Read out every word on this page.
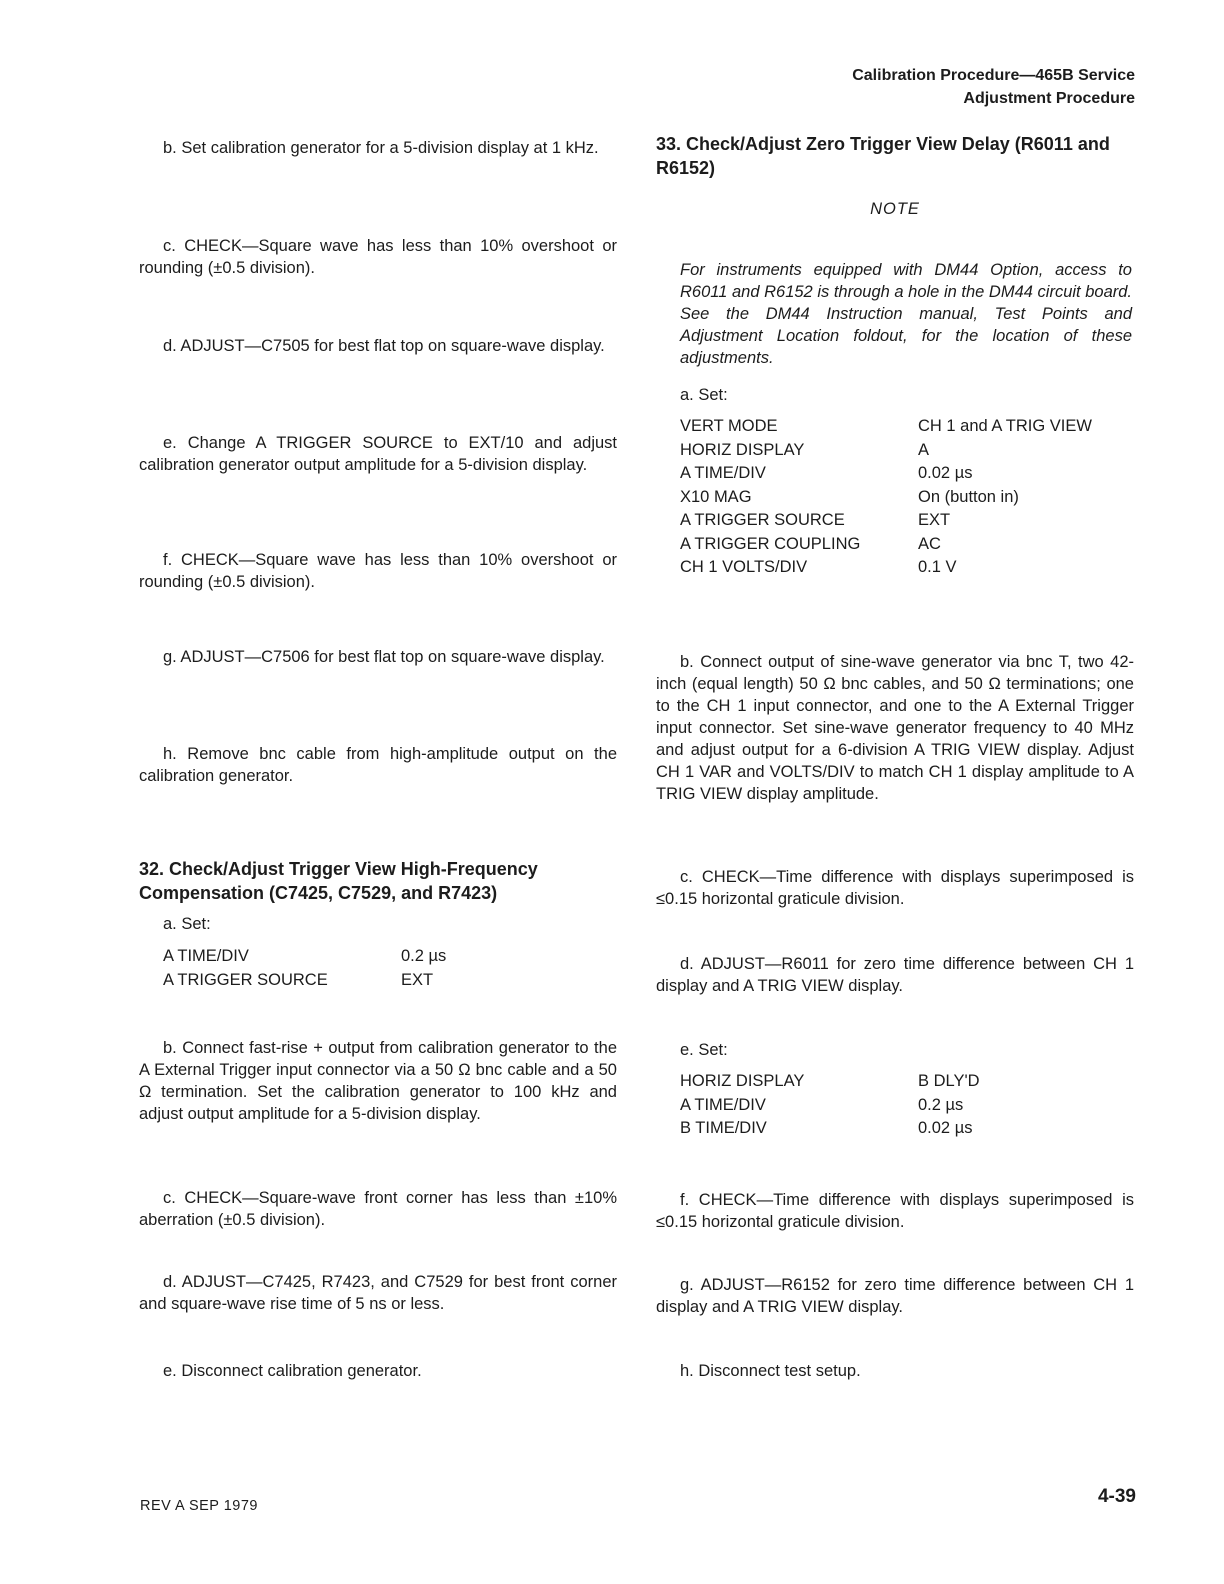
Calibration Procedure—465B Service
Adjustment Procedure

b. Set calibration generator for a 5-division display at 1 kHz.

c. CHECK—Square wave has less than 10% overshoot or rounding (±0.5 division).

d. ADJUST—C7505 for best flat top on square-wave display.

e. Change A TRIGGER SOURCE to EXT/10 and adjust calibration generator output amplitude for a 5-division display.

f. CHECK—Square wave has less than 10% overshoot or rounding (±0.5 division).

g. ADJUST—C7506 for best flat top on square-wave display.

h. Remove bnc cable from high-amplitude output on the calibration generator.

32. Check/Adjust Trigger View High-Frequency Compensation (C7425, C7529, and R7423)

a. Set:

A TIME/DIV	0.2 µs
A TRIGGER SOURCE	EXT

b. Connect fast-rise + output from calibration generator to the A External Trigger input connector via a 50 Ω bnc cable and a 50 Ω termination. Set the calibration generator to 100 kHz and adjust output amplitude for a 5-division display.

c. CHECK—Square-wave front corner has less than ±10% aberration (±0.5 division).

d. ADJUST—C7425, R7423, and C7529 for best front corner and square-wave rise time of 5 ns or less.

e. Disconnect calibration generator.

33. Check/Adjust Zero Trigger View Delay (R6011 and R6152)
NOTE

For instruments equipped with DM44 Option, access to R6011 and R6152 is through a hole in the DM44 circuit board. See the DM44 Instruction manual, Test Points and Adjustment Location foldout, for the location of these adjustments.

a. Set:

VERT MODE	CH 1 and A TRIG VIEW
HORIZ DISPLAY	A
A TIME/DIV	0.02 µs
X10 MAG	On (button in)
A TRIGGER SOURCE	EXT
A TRIGGER COUPLING	AC
CH 1 VOLTS/DIV	0.1 V

b. Connect output of sine-wave generator via bnc T, two 42-inch (equal length) 50 Ω bnc cables, and 50 Ω terminations; one to the CH 1 input connector, and one to the A External Trigger input connector. Set sine-wave generator frequency to 40 MHz and adjust output for a 6-division A TRIG VIEW display. Adjust CH 1 VAR and VOLTS/DIV to match CH 1 display amplitude to A TRIG VIEW display amplitude.

c. CHECK—Time difference with displays superimposed is ≤0.15 horizontal graticule division.

d. ADJUST—R6011 for zero time difference between CH 1 display and A TRIG VIEW display.

e. Set:

HORIZ DISPLAY	B DLY'D
A TIME/DIV	0.2 µs
B TIME/DIV	0.02 µs

f. CHECK—Time difference with displays superimposed is ≤0.15 horizontal graticule division.

g. ADJUST—R6152 for zero time difference between CH 1 display and A TRIG VIEW display.

h. Disconnect test setup.

REV A SEP 1979	4-39
